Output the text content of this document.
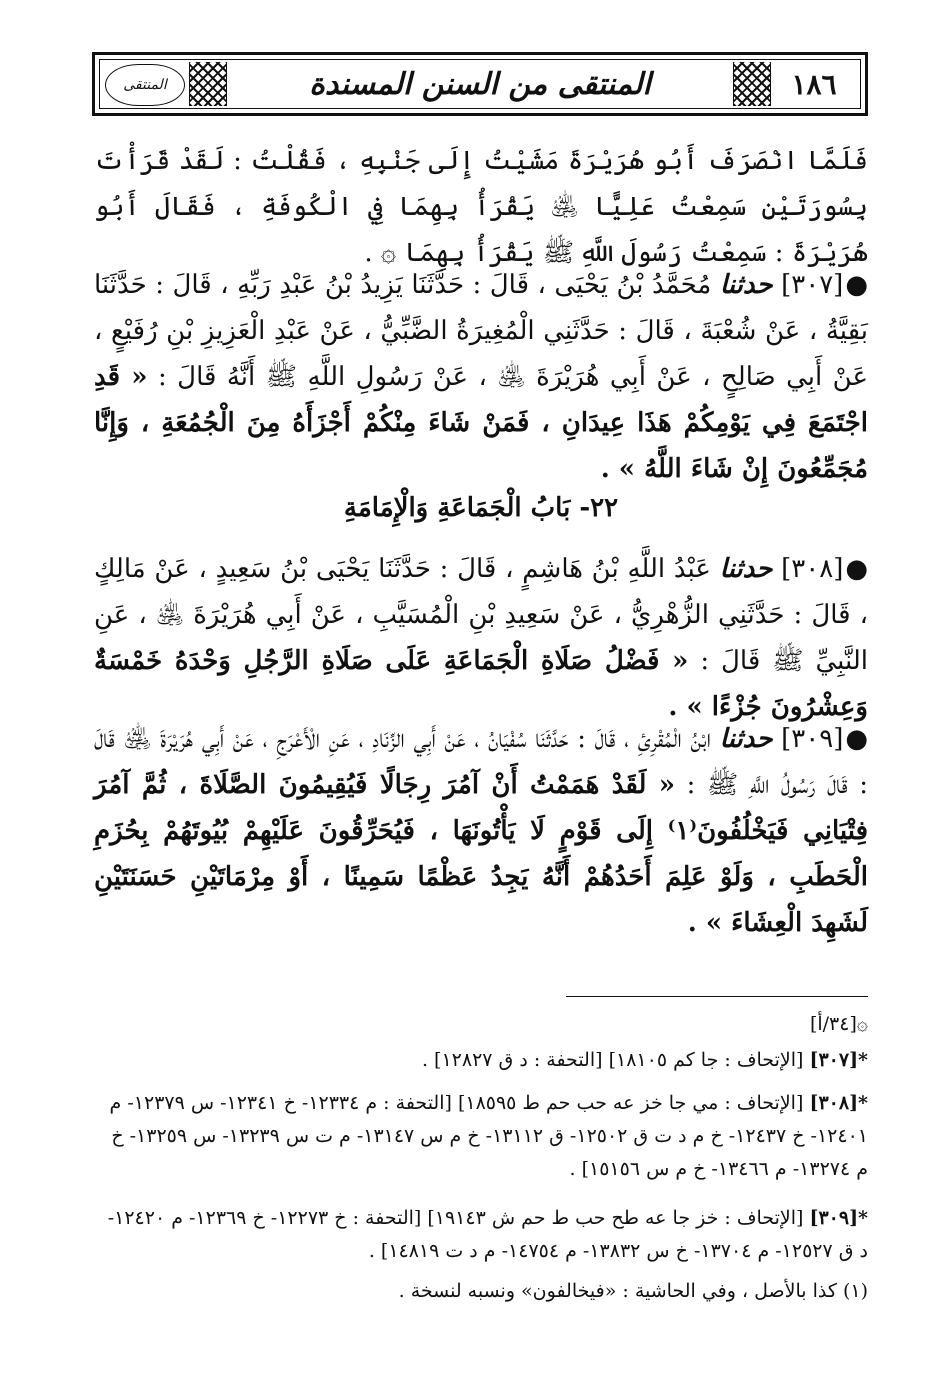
المنتقى	المنتقى من السنن المسندة	١٨٦

فَلَمَّا انْصَرَفَ أَبُو هُرَيْرَةَ مَشَيْتُ إِلَى جَنْبِهِ ، فَقُلْتُ : لَقَدْ قَرَأْتَ بِسُورَتَيْنِ سَمِعْتُ عَلِيًّا ﵁ يَقْرَأُ بِهِمَا فِي الْكُوفَةِ ، فَقَالَ أَبُو هُرَيْرَةَ : سَمِعْتُ رَسُولَ اللَّهِ ﷺ يَقْرَأُ بِهِمَا ۞ .

●[٣٠٧] حدثنا مُحَمَّدُ بْنُ يَحْيَى ، قَالَ : حَدَّثَنَا يَزِيدُ بْنُ عَبْدِ رَبِّهِ ، قَالَ : حَدَّثَنَا بَقِيَّةُ ، عَنْ شُعْبَةَ ، قَالَ : حَدَّثَنِي الْمُغِيرَةُ الضَّبِّيُّ ، عَنْ عَبْدِ الْعَزِيزِ بْنِ رُفَيْعٍ ، عَنْ أَبِي صَالِحٍ ، عَنْ أَبِي هُرَيْرَةَ ﵁ ، عَنْ رَسُولِ اللَّهِ ﷺ أَنَّهُ قَالَ : « قَدِ اجْتَمَعَ فِي يَوْمِكُمْ هَذَا عِيدَانِ ، فَمَنْ شَاءَ مِنْكُمْ أَجْزَأَهُ مِنَ الْجُمُعَةِ ، وَإِنَّا مُجَمِّعُونَ إِنْ شَاءَ اللَّهُ » .

٢٢- بَابُ الْجَمَاعَةِ وَالْإِمَامَةِ

●[٣٠٨] حدثنا عَبْدُ اللَّهِ بْنُ هَاشِمٍ ، قَالَ : حَدَّثَنَا يَحْيَى بْنُ سَعِيدٍ ، عَنْ مَالِكٍ ، قَالَ : حَدَّثَنِي الزُّهْرِيُّ ، عَنْ سَعِيدِ بْنِ الْمُسَيَّبِ ، عَنْ أَبِي هُرَيْرَةَ ﵁ ، عَنِ النَّبِيِّ ﷺ قَالَ : « فَضْلُ صَلَاةِ الْجَمَاعَةِ عَلَى صَلَاةِ الرَّجُلِ وَحْدَهُ خَمْسَةٌ وَعِشْرُونَ جُزْءًا » .

●[٣٠٩] حدثنا ابْنُ الْمُقْرِئِ ، قَالَ : حَدَّثَنَا سُفْيَانُ ، عَنْ أَبِي الزِّنَادِ ، عَنِ الْأَعْرَجِ ، عَنْ أَبِي هُرَيْرَةَ ﵁ قَالَ : قَالَ رَسُولُ اللَّهِ ﷺ : « لَقَدْ هَمَمْتُ أَنْ آمُرَ رِجَالًا فَيُقِيمُونَ الصَّلَاةَ ، ثُمَّ آمُرَ فِتْيَانِي فَيَخْلُفُونَ⁽١⁾ إِلَى قَوْمٍ لَا يَأْتُونَهَا ، فَيُحَرِّقُونَ عَلَيْهِمْ بُيُوتَهُمْ بِحُزَمِ الْحَطَبِ ، وَلَوْ عَلِمَ أَحَدُهُمْ أَنَّهُ يَجِدُ عَظْمًا سَمِينًا ، أَوْ مِرْمَاتَيْنِ حَسَنَتَيْنِ لَشَهِدَ الْعِشَاءَ » .

۞[٣٤/أ]

*[٣٠٧] [الإتحاف : جا كم ١٨١٠٥] [التحفة : د ق ١٢٨٢٧] .

*[٣٠٨] [الإتحاف : مي جا خز عه حب حم ط ١٨٥٩٥] [التحفة : م ١٢٣٣٤- خ ١٢٣٤١- س ١٢٣٧٩- م ١٢٤٠١- خ ١٢٤٣٧- خ م د ت ق ١٢٥٠٢- ق ١٣١١٢- خ م س ١٣١٤٧- م ت س ١٣٢٣٩- س ١٣٢٥٩- خ م ١٣٢٧٤- م ١٣٤٦٦- خ م س ١٥١٥٦] .

*[٣٠٩] [الإتحاف : خز جا عه طح حب ط حم ش ١٩١٤٣] [التحفة : خ ١٢٢٧٣- خ ١٢٣٦٩- م ١٢٤٢٠- د ق ١٢٥٢٧- م ١٣٧٠٤- خ س ١٣٨٣٢- م ١٤٧٥٤- م د ت ١٤٨١٩] .

(١) كذا بالأصل ، وفي الحاشية : «فيخالفون» ونسبه لنسخة .
